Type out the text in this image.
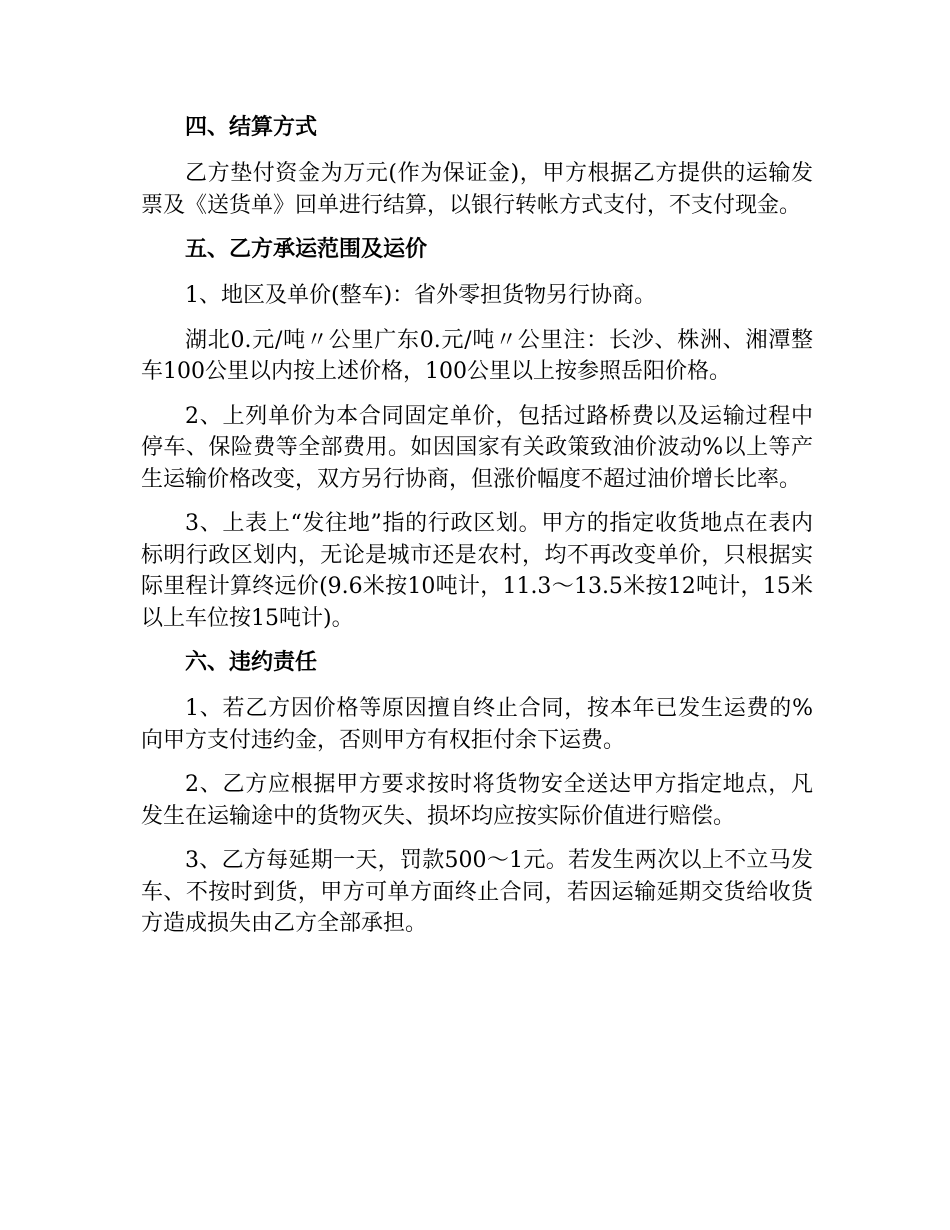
四、结算方式

乙方垫付资金为万元(作为保证金)，甲方根据乙方提供的运输发票及《送货单》回单进行结算，以银行转帐方式支付，不支付现金。

五、乙方承运范围及运价

1、地区及单价(整车)：省外零担货物另行协商。

湖北0.元/吨〃公里广东0.元/吨〃公里注：长沙、株洲、湘潭整车100公里以内按上述价格，100公里以上按参照岳阳价格。

2、上列单价为本合同固定单价，包括过路桥费以及运输过程中停车、保险费等全部费用。如因国家有关政策致油价波动%以上等产生运输价格改变，双方另行协商，但涨价幅度不超过油价增长比率。

3、上表上“发往地”指的行政区划。甲方的指定收货地点在表内标明行政区划内，无论是城市还是农村，均不再改变单价，只根据实际里程计算终远价(9.6米按10吨计，11.3～13.5米按12吨计，15米以上车位按15吨计)。

六、违约责任

1、若乙方因价格等原因擅自终止合同，按本年已发生运费的%向甲方支付违约金，否则甲方有权拒付余下运费。

2、乙方应根据甲方要求按时将货物安全送达甲方指定地点，凡发生在运输途中的货物灭失、损坏均应按实际价值进行赔偿。

3、乙方每延期一天，罚款500～1元。若发生两次以上不立马发车、不按时到货，甲方可单方面终止合同，若因运输延期交货给收货方造成损失由乙方全部承担。
